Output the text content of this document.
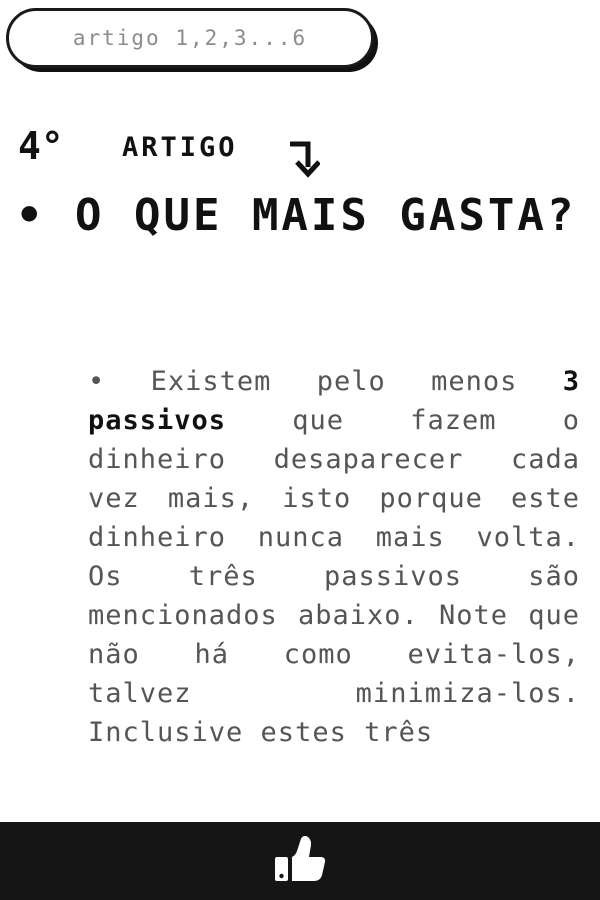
artigo 1,2,3...6
4° ARTIGO
• O QUE MAIS GASTA?
• Existem pelo menos 3 passivos que fazem o dinheiro desaparecer cada vez mais, isto porque este dinheiro nunca mais volta. Os três passivos são mencionados abaixo. Note que não há como evita-los, talvez minimiza-los. Inclusive estes três
